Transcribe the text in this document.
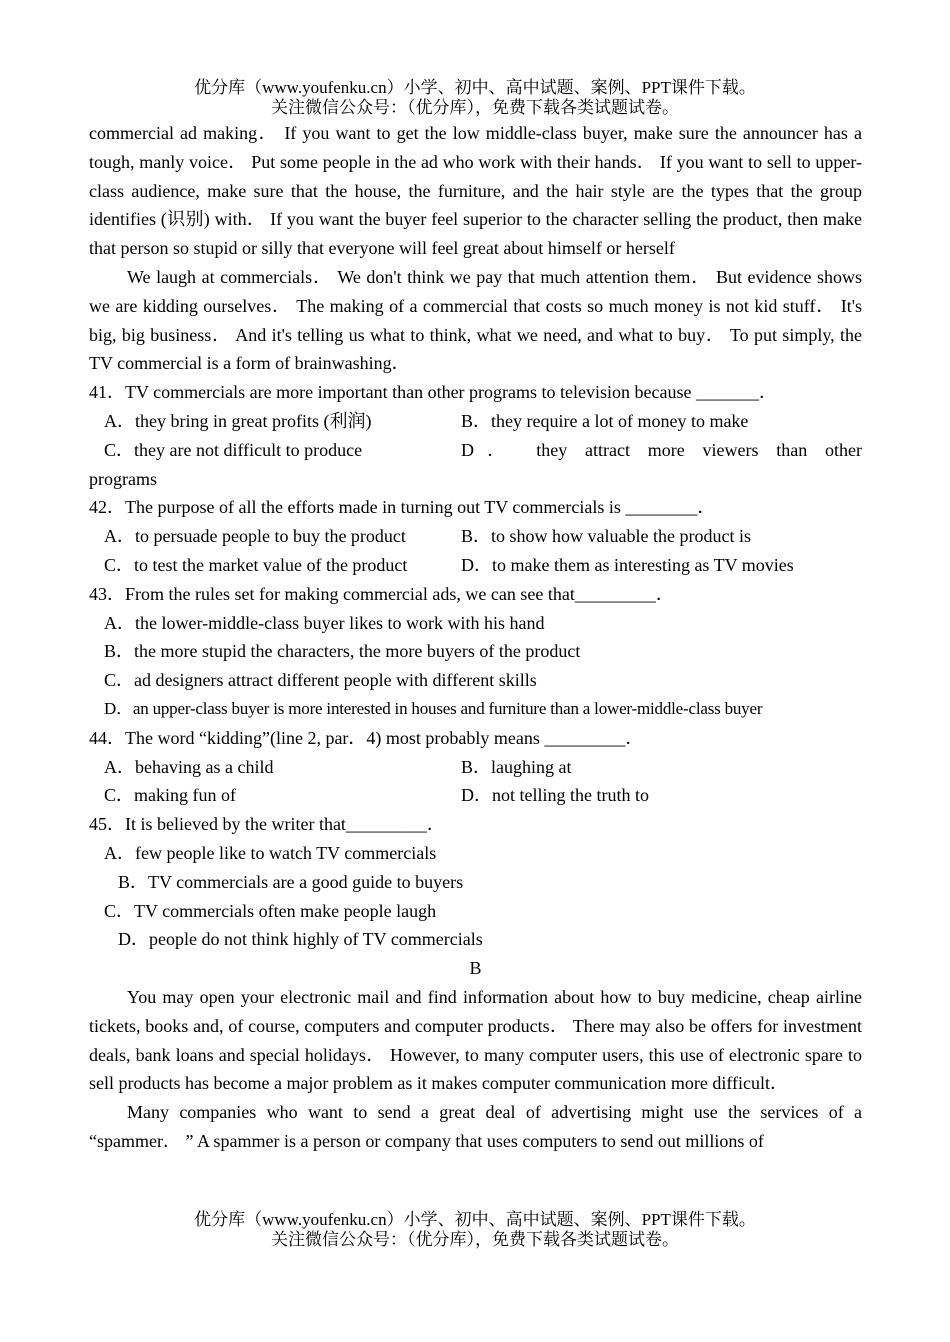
优分库（www.youfenku.cn）小学、初中、高中试题、案例、PPT课件下载。
关注微信公众号：（优分库），免费下载各类试题试卷。

commercial ad making． If you want to get the low middle-class buyer, make sure the announcer has a tough, manly voice． Put some people in the ad who work with their hands． If you want to sell to upper-class audience, make sure that the house, the furniture, and the hair style are the types that the group identifies (识别) with． If you want the buyer feel superior to the character selling the product, then make that person so stupid or silly that everyone will feel great about himself or herself

We laugh at commercials． We don't think we pay that much attention them． But evidence shows we are kidding ourselves． The making of a commercial that costs so much money is not kid stuff． It's big, big business． And it's telling us what to think, what we need, and what to buy． To put simply, the TV commercial is a form of brainwashing．

41．TV commercials are more important than other programs to television because _______．

A．they bring in great profits (利润)	B．they require a lot of money to make
C．they are not difficult to produce	D． they attract more viewers than other

programs

42．The purpose of all the efforts made in turning out TV commercials is ________．

A．to persuade people to buy the product	B．to show how valuable the product is
C．to test the market value of the product	D．to make them as interesting as TV movies

43．From the rules set for making commercial ads, we can see that_________．

A．the lower-middle-class buyer likes to work with his hand

B．the more stupid the characters, the more buyers of the product

C．ad designers attract different people with different skills

D．an upper-class buyer is more interested in houses and furniture than a lower-middle-class buyer

44．The word “kidding”(line 2, par．4) most probably means _________．

A．behaving as a child	B．laughing at
C．making fun of	D．not telling the truth to

45．It is believed by the writer that_________．

A．few people like to watch TV commercials

B．TV commercials are a good guide to buyers

C．TV commercials often make people laugh

D．people do not think highly of TV commercials

B

You may open your electronic mail and find information about how to buy medicine, cheap airline tickets, books and, of course, computers and computer products． There may also be offers for investment deals, bank loans and special holidays． However, to many computer users, this use of electronic spare to sell products has become a major problem as it makes computer communication more difficult．

Many companies who want to send a great deal of advertising might use the services of a “spammer． ” A spammer is a person or company that uses computers to send out millions of

优分库（www.youfenku.cn）小学、初中、高中试题、案例、PPT课件下载。
关注微信公众号：（优分库），免费下载各类试题试卷。
